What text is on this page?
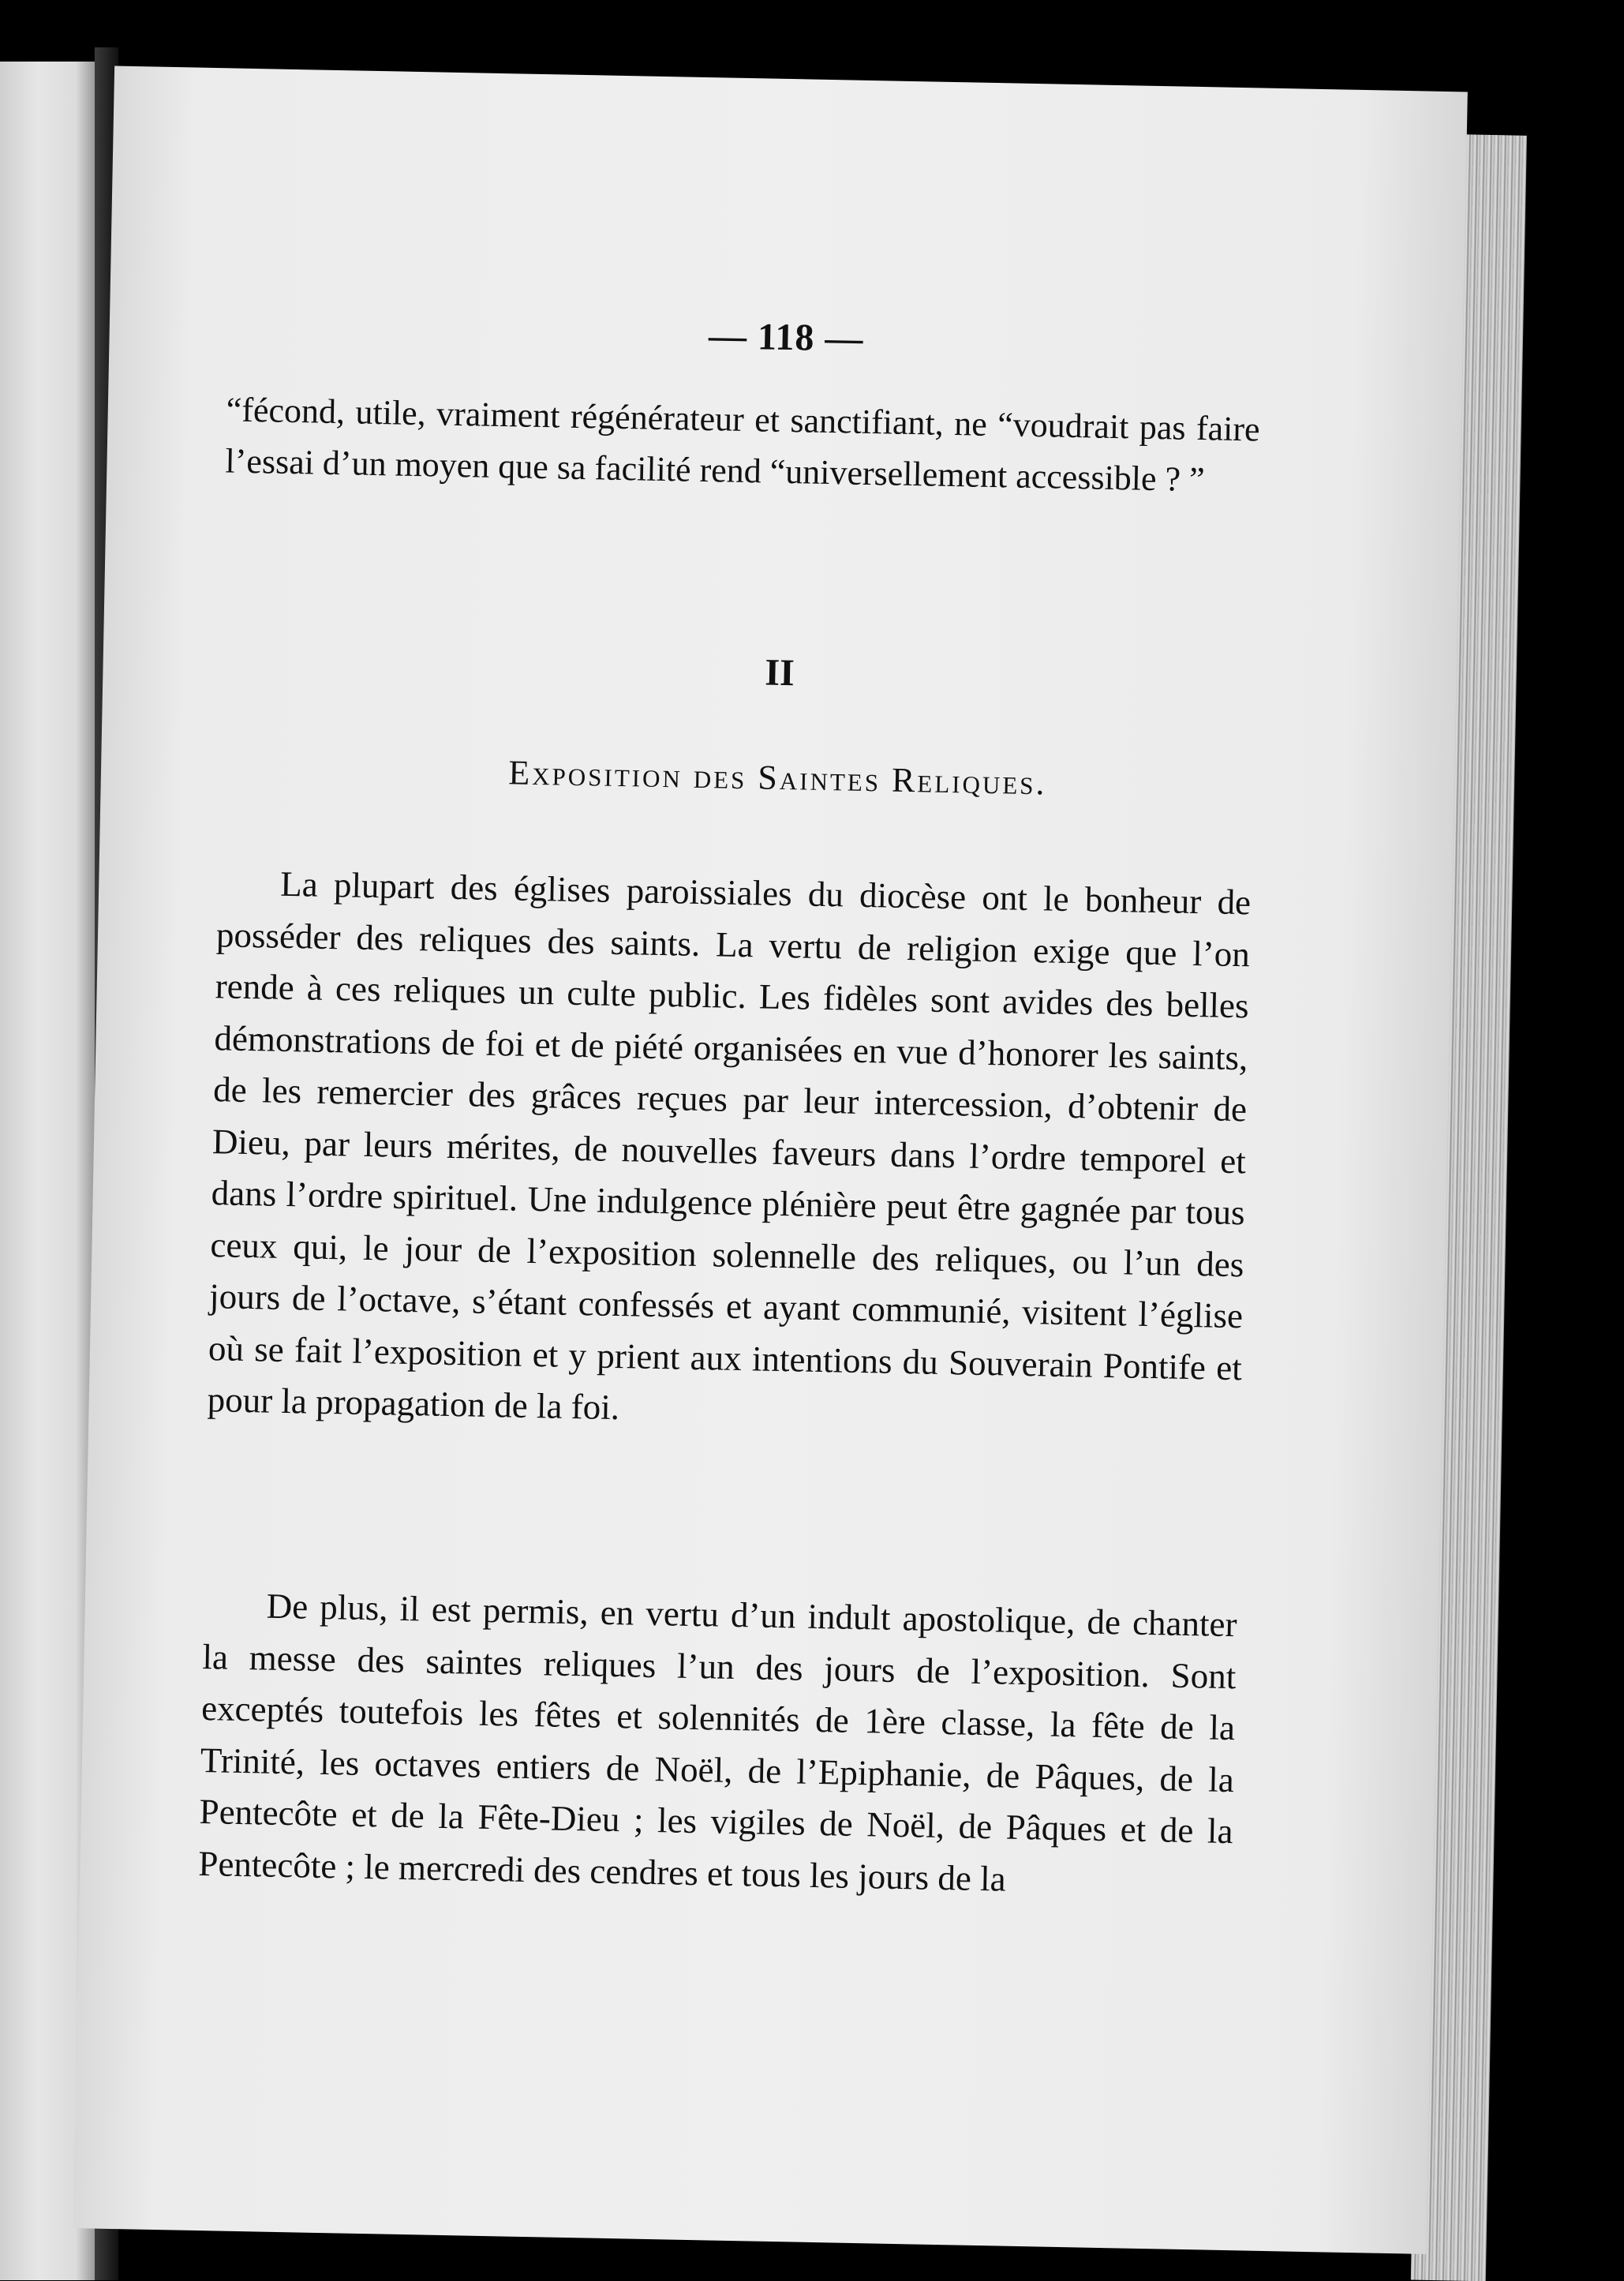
— 118 —
“fécond, utile, vraiment régénérateur et sanctifiant, ne “voudrait pas faire l’essai d’un moyen que sa facilité rend “universellement accessible ? ”
II
Exposition des Saintes Reliques.
La plupart des églises paroissiales du diocèse ont le bonheur de posséder des reliques des saints. La vertu de religion exige que l’on rende à ces reliques un culte public. Les fidèles sont avides des belles démonstrations de foi et de piété organisées en vue d’honorer les saints, de les remercier des grâces reçues par leur intercession, d’obtenir de Dieu, par leurs mérites, de nouvelles faveurs dans l’ordre temporel et dans l’ordre spirituel. Une indulgence plénière peut être gagnée par tous ceux qui, le jour de l’exposition solennelle des reliques, ou l’un des jours de l’octave, s’étant confessés et ayant communié, visitent l’église où se fait l’exposition et y prient aux intentions du Souverain Pontife et pour la propagation de la foi.
De plus, il est permis, en vertu d’un indult apostolique, de chanter la messe des saintes reliques l’un des jours de l’exposition. Sont exceptés toutefois les fêtes et solennités de 1ère classe, la fête de la Trinité, les octaves entiers de Noël, de l’Epiphanie, de Pâques, de la Pentecôte et de la Fête-Dieu ; les vigiles de Noël, de Pâques et de la Pentecôte ; le mercredi des cendres et tous les jours de la
